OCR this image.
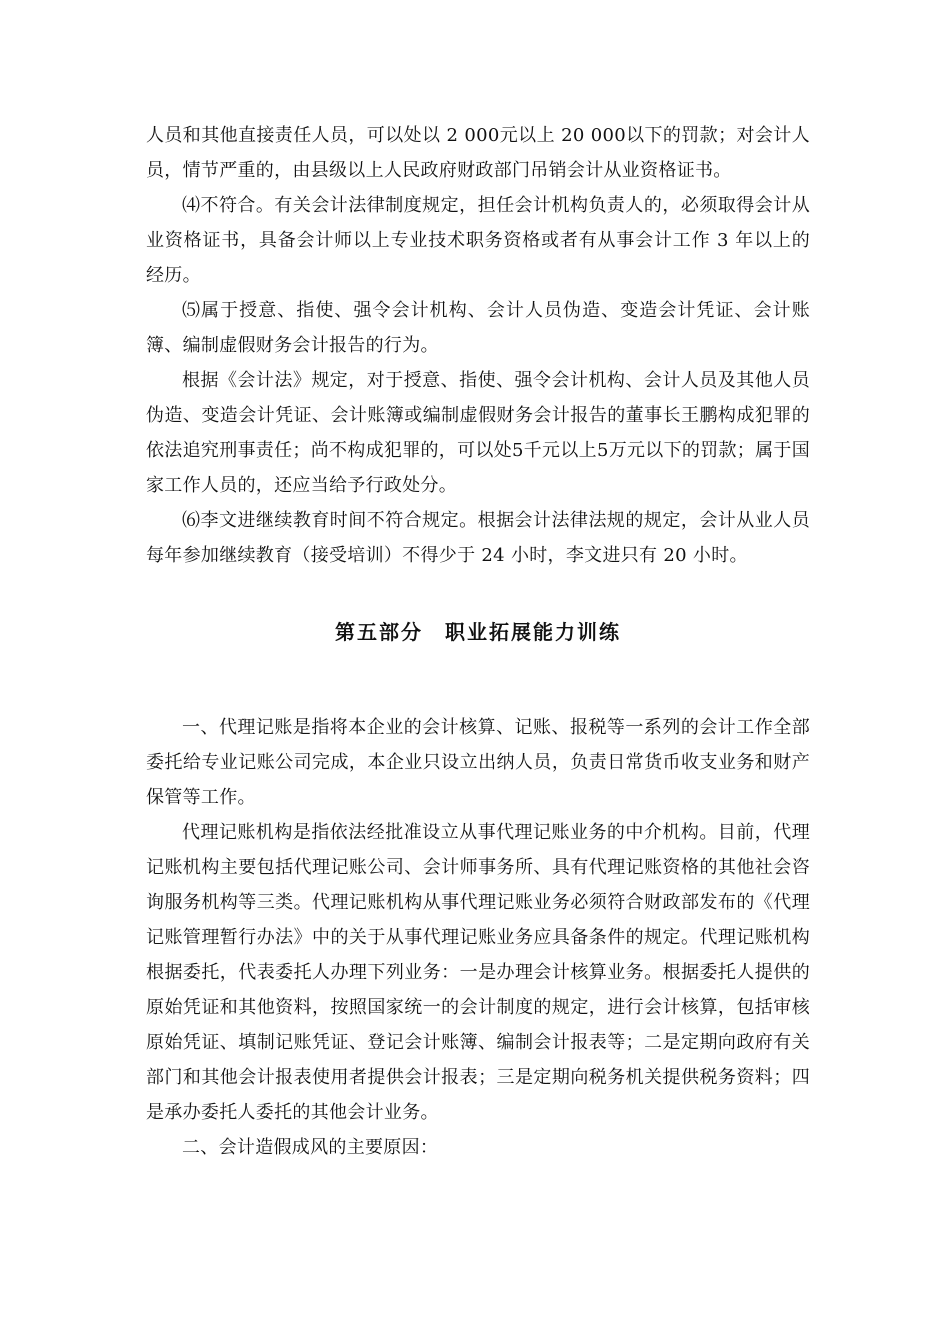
人员和其他直接责任人员，可以处以 2 000元以上 20 000以下的罚款；对会计人员，情节严重的，由县级以上人民政府财政部门吊销会计从业资格证书。

⑷不符合。有关会计法律制度规定，担任会计机构负责人的，必须取得会计从业资格证书，具备会计师以上专业技术职务资格或者有从事会计工作 3 年以上的经历。

⑸属于授意、指使、强令会计机构、会计人员伪造、变造会计凭证、会计账簿、编制虚假财务会计报告的行为。

根据《会计法》规定，对于授意、指使、强令会计机构、会计人员及其他人员伪造、变造会计凭证、会计账簿或编制虚假财务会计报告的董事长王鹏构成犯罪的依法追究刑事责任；尚不构成犯罪的，可以处5千元以上5万元以下的罚款；属于国家工作人员的，还应当给予行政处分。

⑹李文进继续教育时间不符合规定。根据会计法律法规的规定，会计从业人员每年参加继续教育（接受培训）不得少于 24 小时，李文进只有 20 小时。

第五部分　职业拓展能力训练

一、代理记账是指将本企业的会计核算、记账、报税等一系列的会计工作全部委托给专业记账公司完成，本企业只设立出纳人员，负责日常货币收支业务和财产保管等工作。

代理记账机构是指依法经批准设立从事代理记账业务的中介机构。目前，代理记账机构主要包括代理记账公司、会计师事务所、具有代理记账资格的其他社会咨询服务机构等三类。代理记账机构从事代理记账业务必须符合财政部发布的《代理记账管理暂行办法》中的关于从事代理记账业务应具备条件的规定。代理记账机构根据委托，代表委托人办理下列业务：一是办理会计核算业务。根据委托人提供的原始凭证和其他资料，按照国家统一的会计制度的规定，进行会计核算，包括审核原始凭证、填制记账凭证、登记会计账簿、编制会计报表等；二是定期向政府有关部门和其他会计报表使用者提供会计报表；三是定期向税务机关提供税务资料；四是承办委托人委托的其他会计业务。

二、会计造假成风的主要原因：
